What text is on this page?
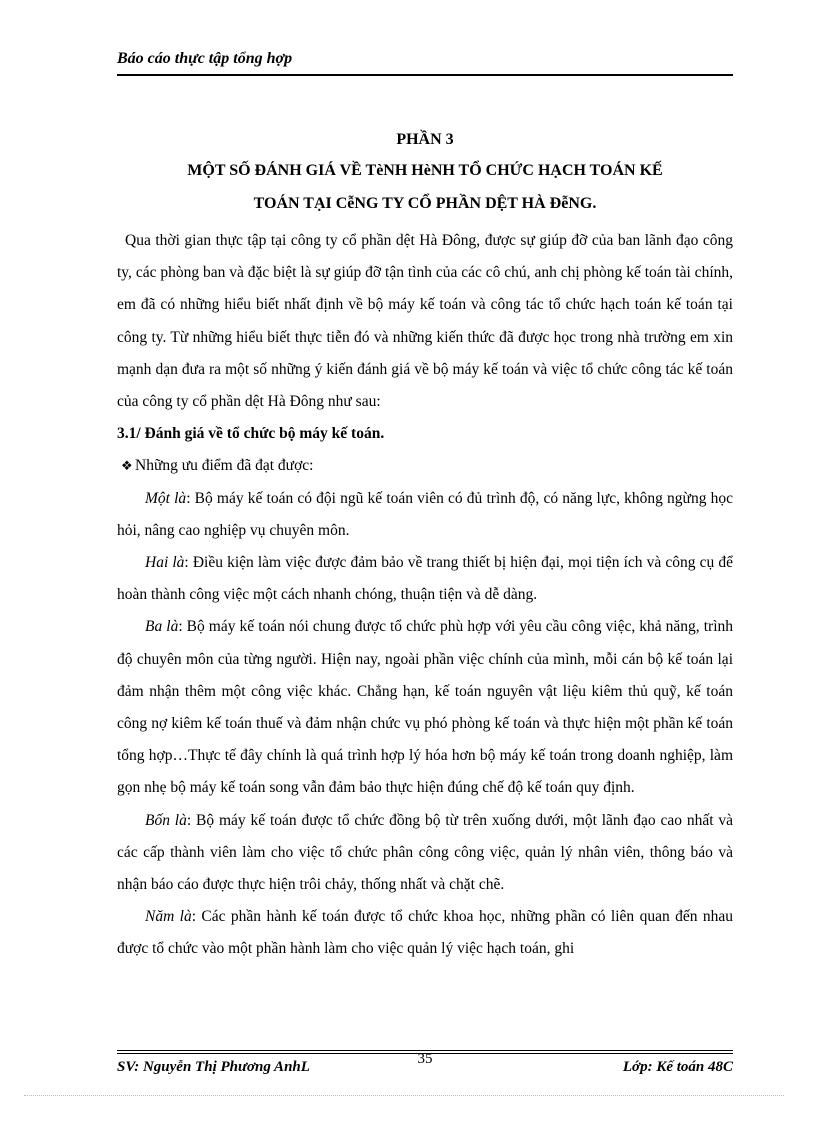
Báo cáo thực tập tổng hợp
PHẦN 3
MỘT SỐ ĐÁNH GIÁ VỀ TèNH HèNH TỔ CHỨC HẠCH TOÁN KẾ
TOÁN TẠI CễNG TY CỔ PHẦN DỆT HÀ ĐễNG.

Qua thời gian thực tập tại công ty cổ phần dệt Hà Đông, được sự giúp đỡ của ban lãnh đạo công ty, các phòng ban và đặc biệt là sự giúp đỡ tận tình của các cô chú, anh chị phòng kế toán tài chính, em đã có những hiểu biết nhất định về bộ máy kế toán và công tác tổ chức hạch toán kế toán tại công ty. Từ những hiểu biết thực tiễn đó và những kiến thức đã được học trong nhà trường em xin mạnh dạn đưa ra một số những ý kiến đánh giá về bộ máy kế toán và việc tổ chức công tác kế toán của công ty cổ phần dệt Hà Đông như sau:

3.1/ Đánh giá về tổ chức bộ máy kế toán.

❖ Những ưu điểm đã đạt được:

Một là: Bộ máy kế toán có đội ngũ kế toán viên có đủ trình độ, có năng lực, không ngừng học hỏi, nâng cao nghiệp vụ chuyên môn.

Hai là: Điều kiện làm việc được đảm bảo về trang thiết bị hiện đại, mọi tiện ích và công cụ để hoàn thành công việc một cách nhanh chóng, thuận tiện và dễ dàng.

Ba là: Bộ máy kế toán nói chung được tổ chức phù hợp với yêu cầu công việc, khả năng, trình độ chuyên môn của từng người. Hiện nay, ngoài phần việc chính của mình, mỗi cán bộ kế toán lại đảm nhận thêm một công việc khác. Chẳng hạn, kế toán nguyên vật liệu kiêm thủ quỹ, kế toán công nợ kiêm kế toán thuế và đảm nhận chức vụ phó phòng kế toán và thực hiện một phần kế toán tổng hợp…Thực tế đây chính là quá trình hợp lý hóa hơn bộ máy kế toán trong doanh nghiệp, làm gọn nhẹ bộ máy kế toán song vẫn đảm bảo thực hiện đúng chế độ kế toán quy định.

Bốn là: Bộ máy kế toán được tổ chức đồng bộ từ trên xuống dưới, một lãnh đạo cao nhất và các cấp thành viên làm cho việc tổ chức phân công công việc, quản lý nhân viên, thông báo và nhận báo cáo được thực hiện trôi chảy, thống nhất và chặt chẽ.

Năm là: Các phần hành kế toán được tổ chức khoa học, những phần có liên quan đến nhau được tổ chức vào một phần hành làm cho việc quản lý việc hạch toán, ghi

SV: Nguyễn Thị Phương AnhL	35	Lớp: Kế toán 48C
